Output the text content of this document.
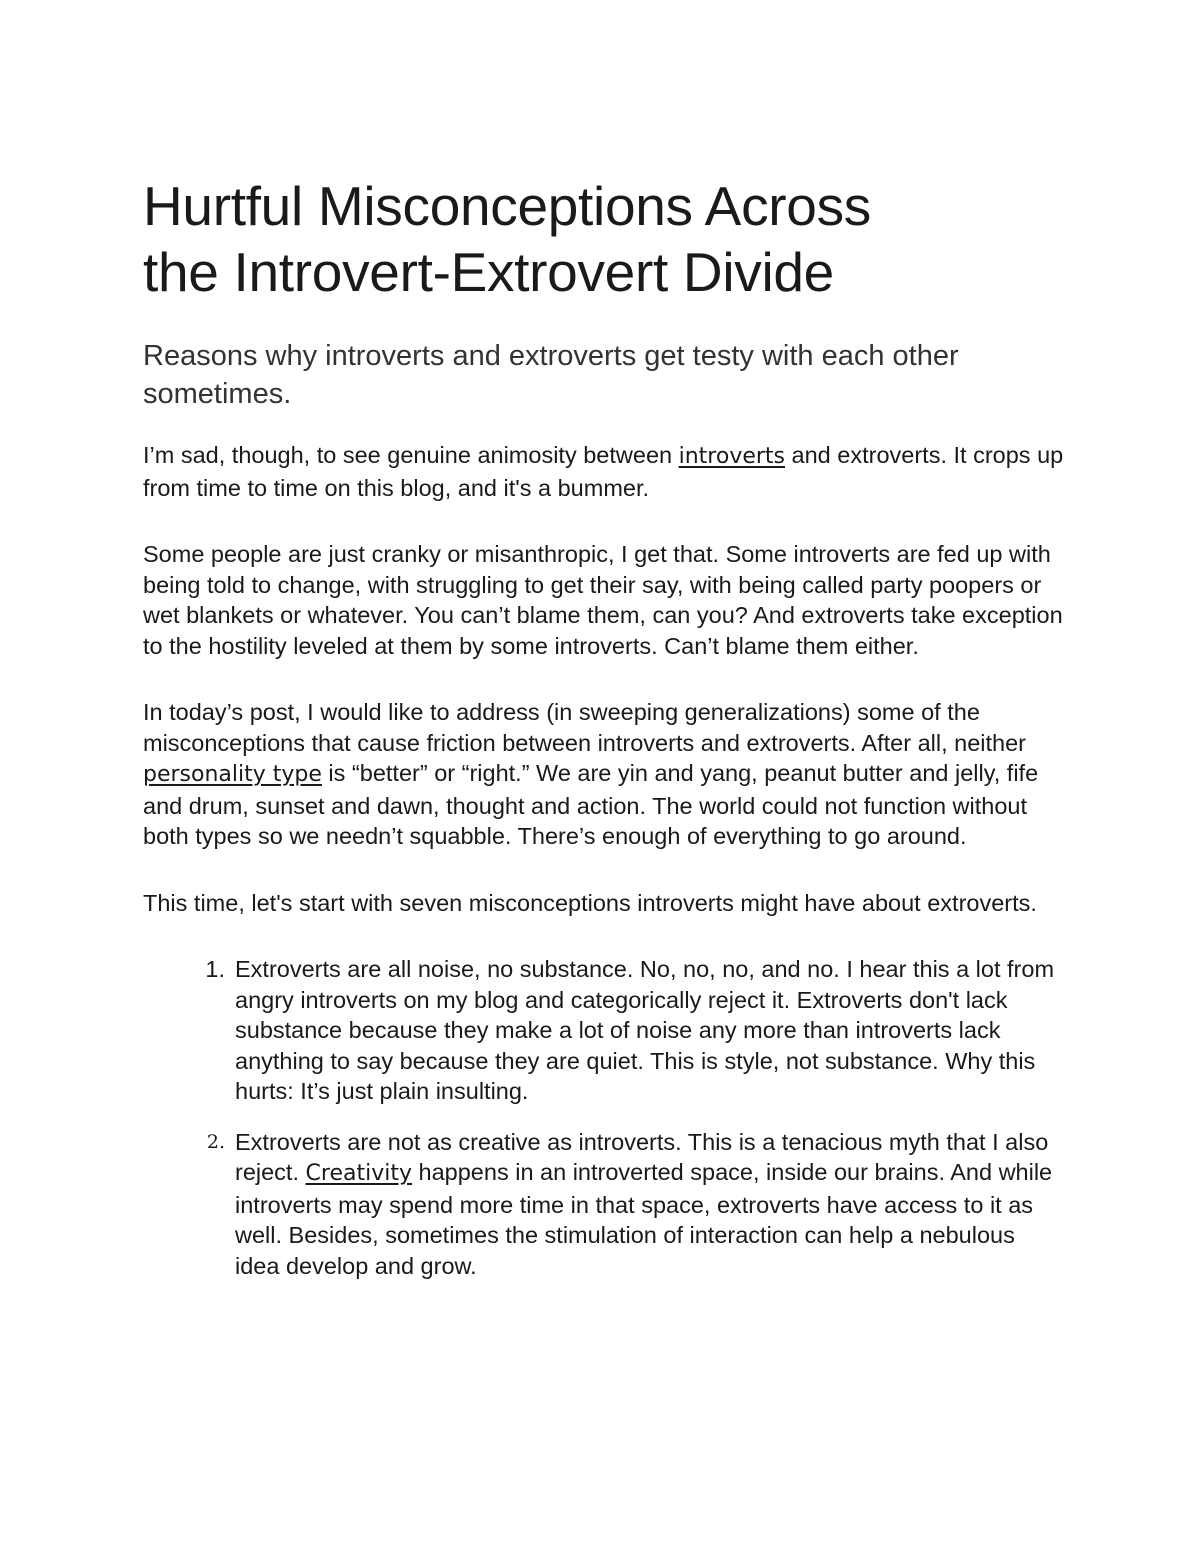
Hurtful Misconceptions Across
the Introvert-Extrovert Divide

Reasons why introverts and extroverts get testy with each other sometimes.

I’m sad, though, to see genuine animosity between introverts and extroverts. It crops up from time to time on this blog, and it's a bummer.

Some people are just cranky or misanthropic, I get that. Some introverts are fed up with being told to change, with struggling to get their say, with being called party poopers or wet blankets or whatever. You can’t blame them, can you? And extroverts take exception to the hostility leveled at them by some introverts. Can’t blame them either.

In today’s post, I would like to address (in sweeping generalizations) some of the misconceptions that cause friction between introverts and extroverts. After all, neither personality type is “better” or “right.” We are yin and yang, peanut butter and jelly, fife and drum, sunset and dawn, thought and action. The world could not function without both types so we needn’t squabble. There’s enough of everything to go around.

This time, let's start with seven misconceptions introverts might have about extroverts.

1. Extroverts are all noise, no substance. No, no, no, and no. I hear this a lot from angry introverts on my blog and categorically reject it. Extroverts don't lack substance because they make a lot of noise any more than introverts lack anything to say because they are quiet. This is style, not substance. Why this hurts: It’s just plain insulting.
2. Extroverts are not as creative as introverts. This is a tenacious myth that I also reject. Creativity happens in an introverted space, inside our brains. And while introverts may spend more time in that space, extroverts have access to it as well. Besides, sometimes the stimulation of interaction can help a nebulous idea develop and grow.
